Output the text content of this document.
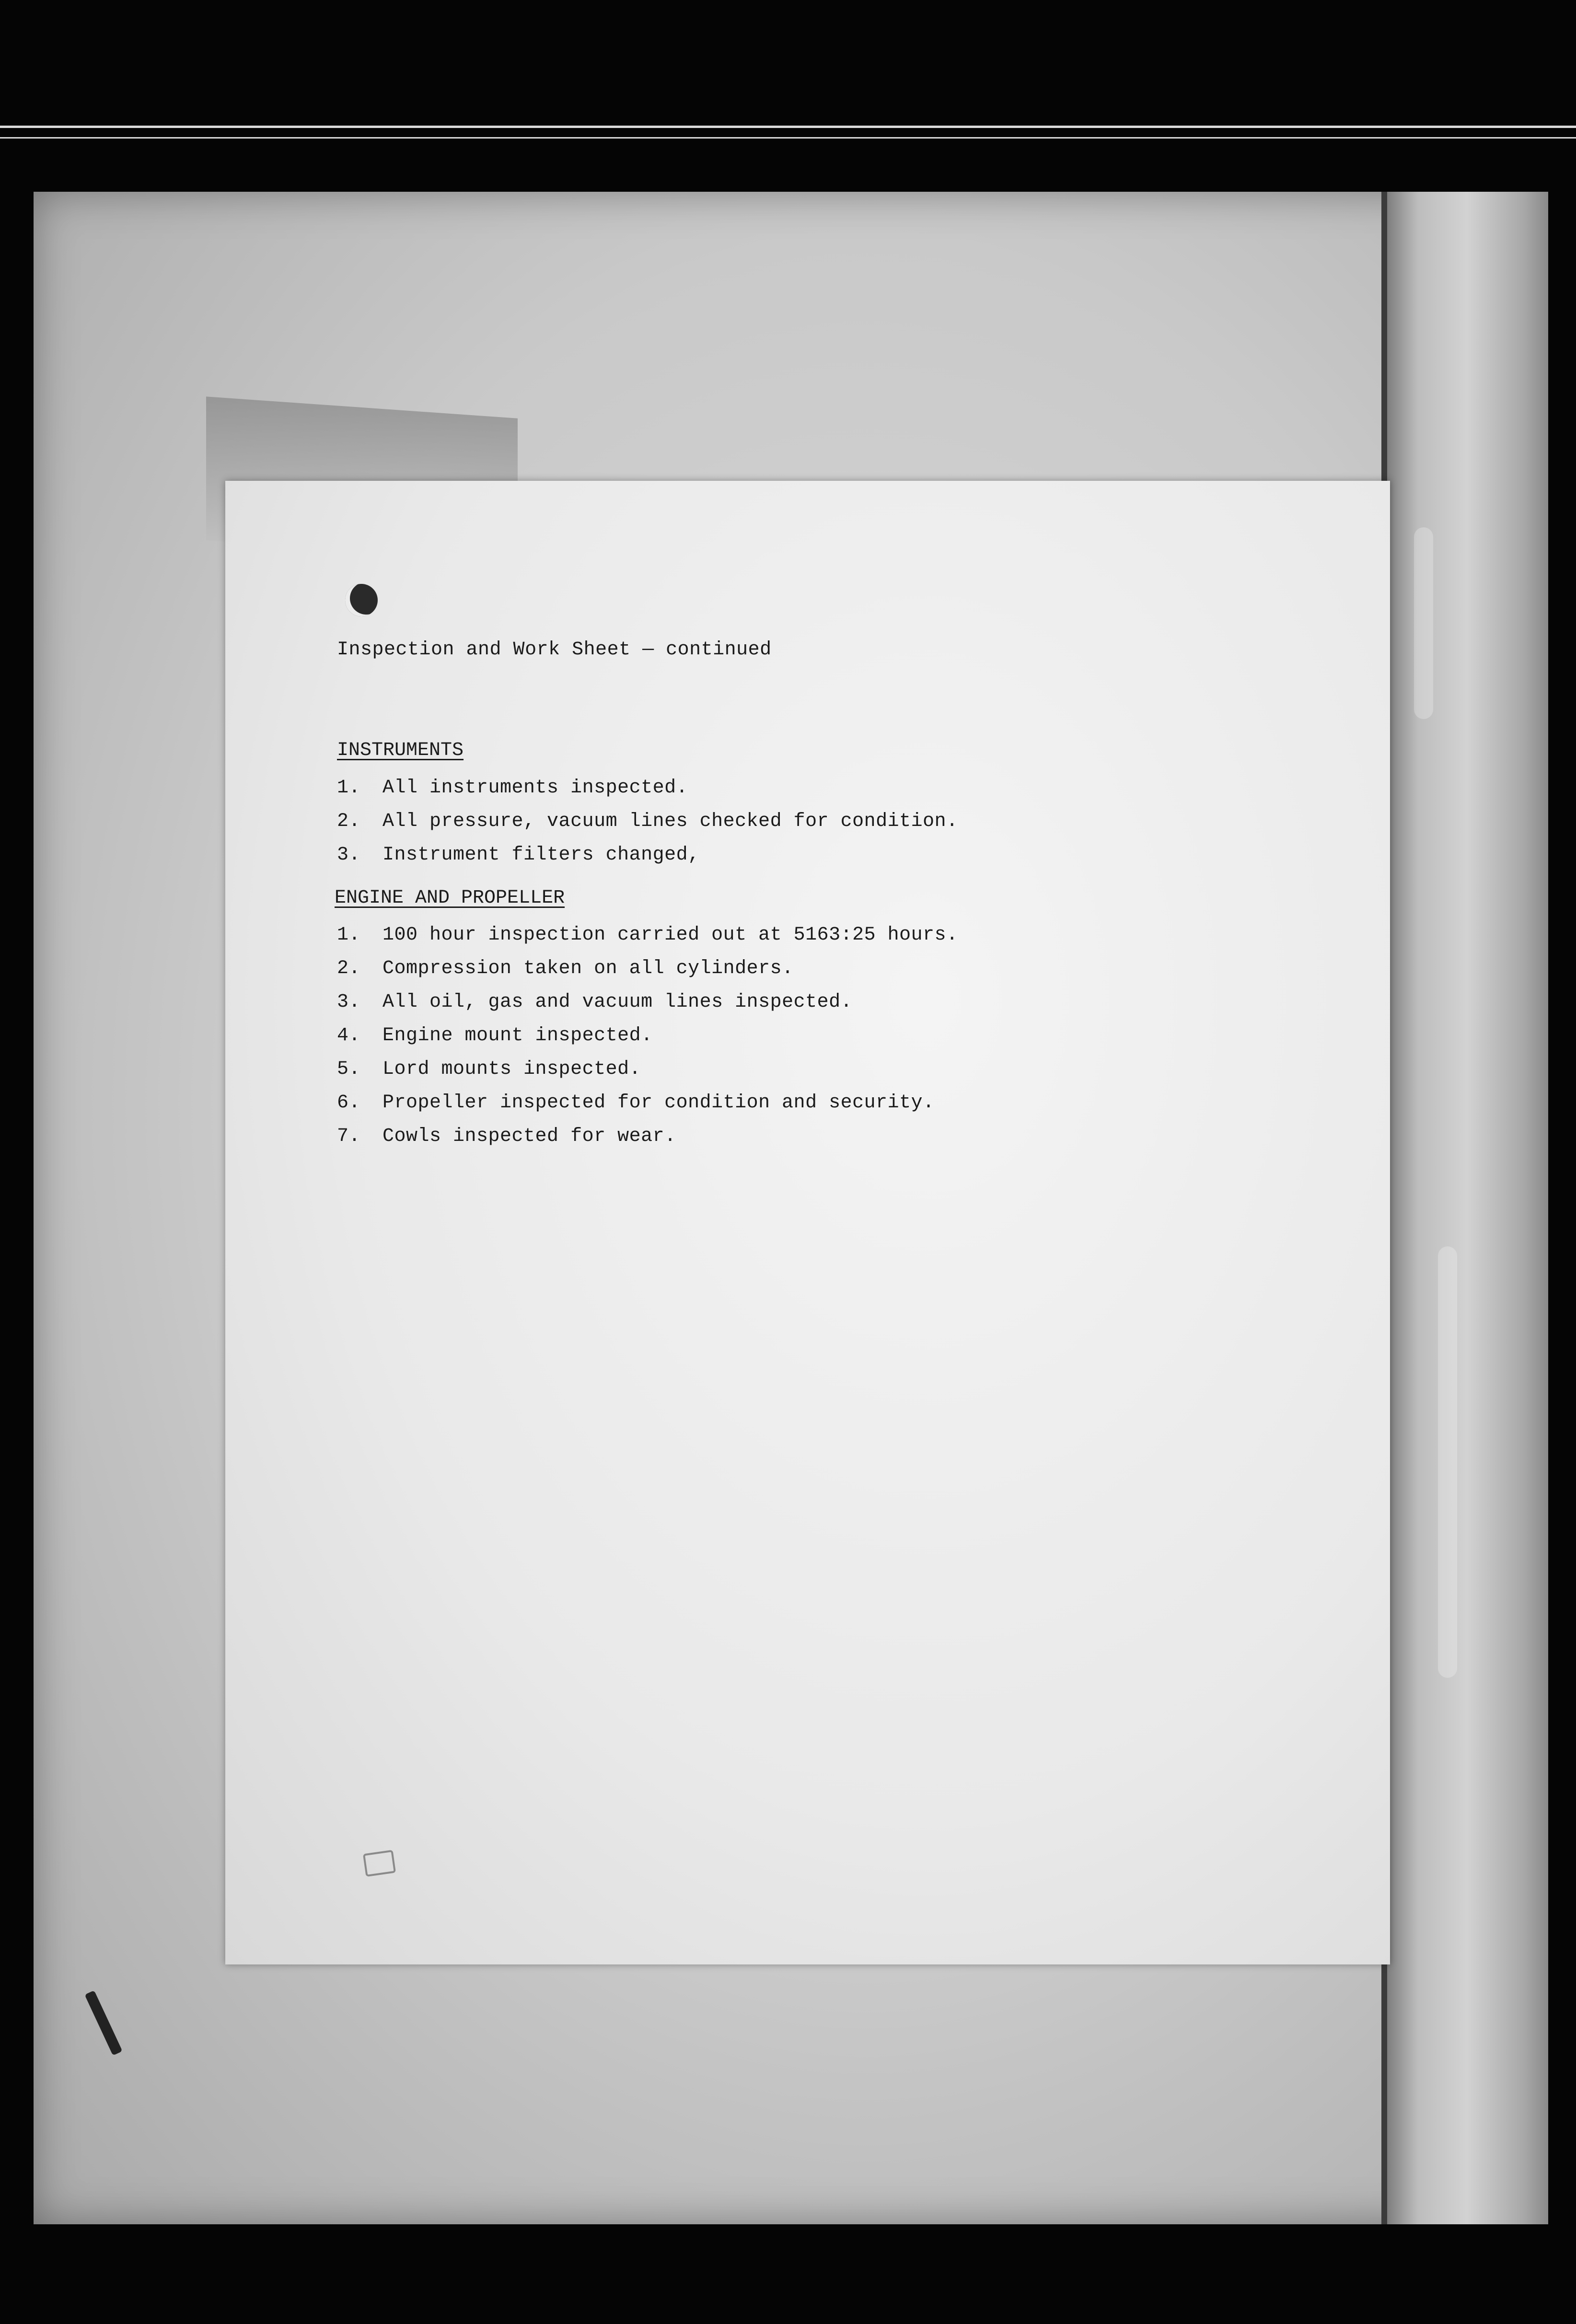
Inspection and Work Sheet — continued

INSTRUMENTS

1. All instruments inspected.

2. All pressure, vacuum lines checked for condition.

3. Instrument filters changed,

ENGINE AND PROPELLER

1. 100 hour inspection carried out at 5163:25 hours.

2. Compression taken on all cylinders.

3. All oil, gas and vacuum lines inspected.

4. Engine mount inspected.

5. Lord mounts inspected.

6. Propeller inspected for condition and security.

7. Cowls inspected for wear.
